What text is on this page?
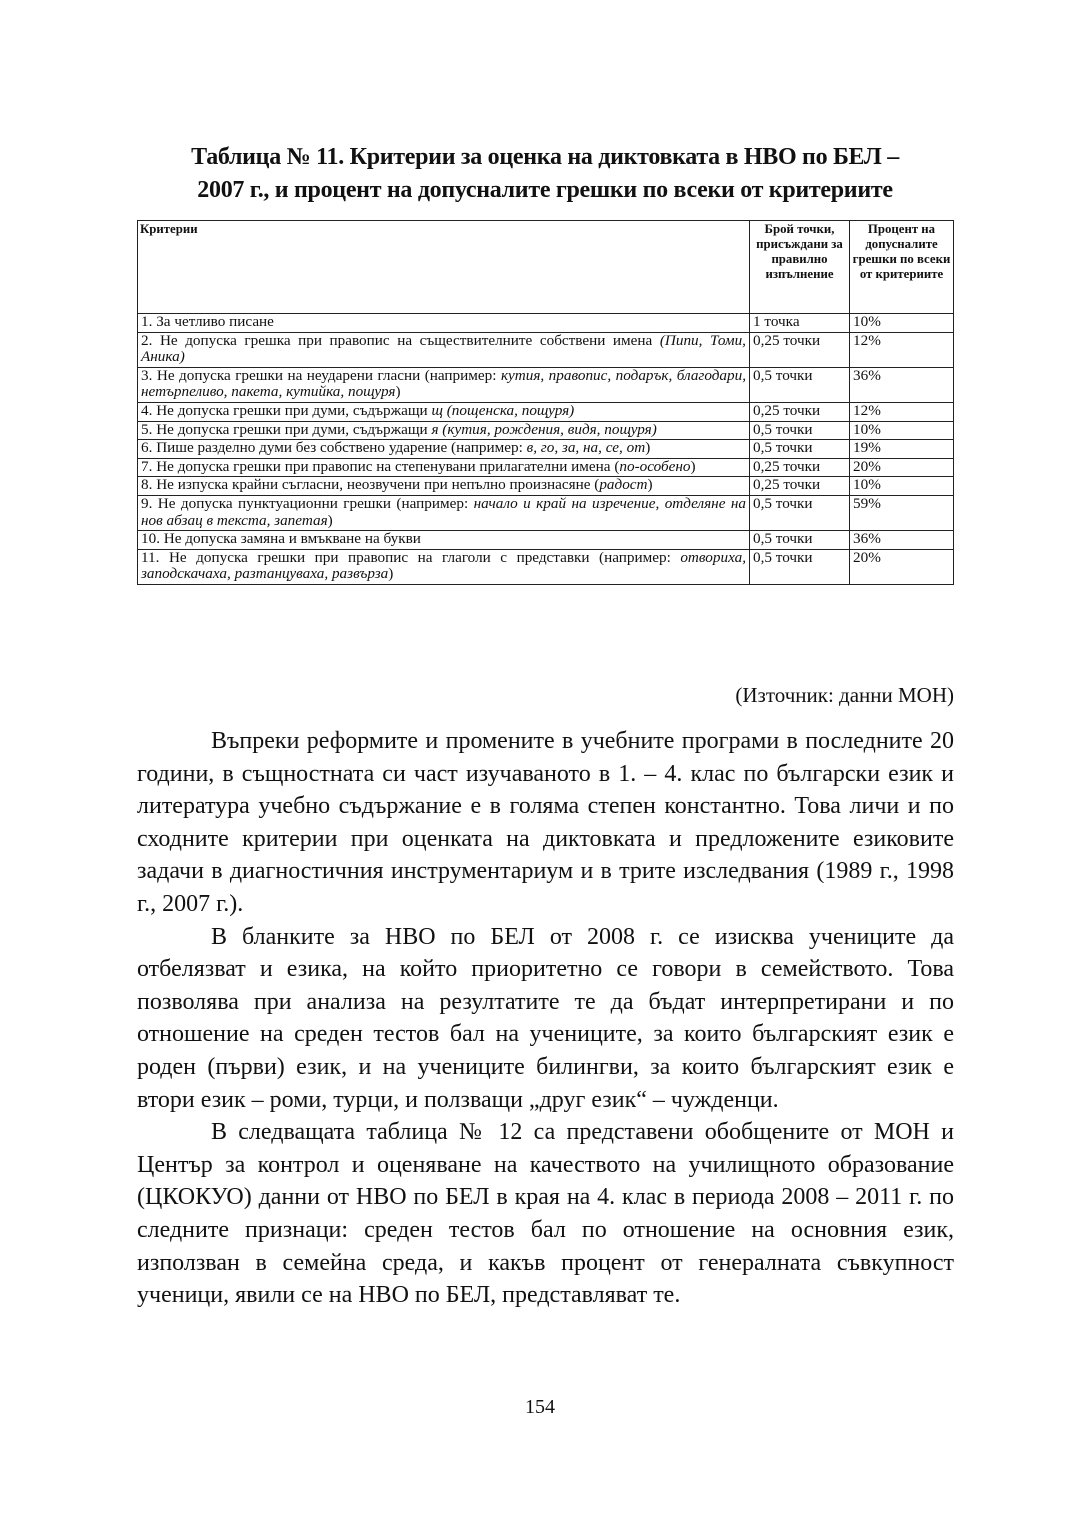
Таблица № 11. Критерии за оценка на диктовката в НВО по БЕЛ –
2007 г., и процент на допусналите грешки по всеки от критериите
Критерии	Брой точки, присъждани за правилно изпълнение	Процент на допусналите грешки по всеки от критериите
1. За четливо писане	1 точка	10%
2. Не допуска грешка при правопис на съществителните собствени имена (Пипи, Томи, Аника)	0,25 точки	12%
3. Не допуска грешки на неударени гласни (например: кутия, правопис, подарък, благодари, нетърпеливо, пакета, кутийка, пощуря)	0,5 точки	36%
4. Не допуска грешки при думи, съдържащи щ (пощенска, пощуря)	0,25 точки	12%
5. Не допуска грешки при думи, съдържащи я (кутия, рождения, видя, пощуря)	0,5 точки	10%
6. Пише разделно думи без собствено ударение (например: в, го, за, на, се, от)	0,5 точки	19%
7. Не допуска грешки при правопис на степенувани прилагателни имена (по-особено)	0,25 точки	20%
8. Не изпуска крайни съгласни, неозвучени при непълно произнасяне (радост)	0,25 точки	10%
9. Не допуска пунктуационни грешки (например: начало и край на изречение, отделяне на нов абзац в текста, запетая)	0,5 точки	59%
10. Не допуска замяна и вмъкване на букви	0,5 точки	36%
11. Не допуска грешки при правопис на глаголи с представки (например: отвориха, заподскачаха, разтанцуваха, развърза)	0,5 точки	20%
(Източник: данни МОН)

Въпреки реформите и промените в учебните програми в последните 20 години, в същностната си част изучаваното в 1. – 4. клас по български език и литература учебно съдържание е в голяма степен константно. Това личи и по сходните критерии при оценката на диктовката и предложените езиковите задачи в диагностичния инструментариум и в трите изследвания (1989 г., 1998 г., 2007 г.).

В бланките за НВО по БЕЛ от 2008 г. се изисква учениците да отбелязват и езика, на който приоритетно се говори в семейството. Това позволява при анализа на резултатите те да бъдат интерпретирани и по отношение на среден тестов бал на учениците, за които българският език е роден (първи) език, и на учениците билингви, за които българският език е втори език – роми, турци, и ползващи „друг език“ – чужденци.

В следващата таблица № 12 са представени обобщените от МОН и Център за контрол и оценяване на качеството на училищното образование (ЦКОКУО) данни от НВО по БЕЛ в края на 4. клас в периода 2008 – 2011 г. по следните признаци: среден тестов бал по отношение на основния език, използван в семейна среда, и какъв процент от генералната съвкупност ученици, явили се на НВО по БЕЛ, представляват те.

154
